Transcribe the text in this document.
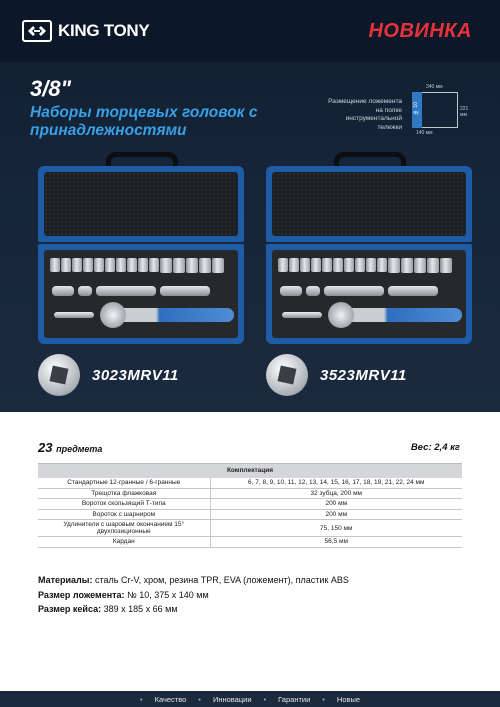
KING TONY	НОВИНКА
3/8"
Наборы торцевых головок с принадлежностями
Размещение ложемента на полке инструментальной тележки
№ 10
340 мм
221 мм
140 мм
3023MRV11	3523MRV11
23 предмета	Вес: 2,4 кг
Комплектация	
Стандартные 12-гранные / 6-гранные	6, 7, 8, 9, 10, 11, 12, 13, 14, 15, 16, 17, 18, 19, 21, 22, 24 мм
Трещотка флажковая	32 зубца, 200 мм
Вороток скользящий Т-типа	200 мм
Вороток с шарниром	200 мм
Удлинители с шаровым окончанием 15° двухпозиционные	75, 150 мм
Кардан	56,5 мм
Материалы: сталь Cr-V, хром, резина TPR, EVA (ложемент), пластик ABS
Размер ложемента: № 10, 375 x 140 мм
Размер кейса: 389 x 185 x 66 мм
• Качество • Инновации • Гарантии • Новые
